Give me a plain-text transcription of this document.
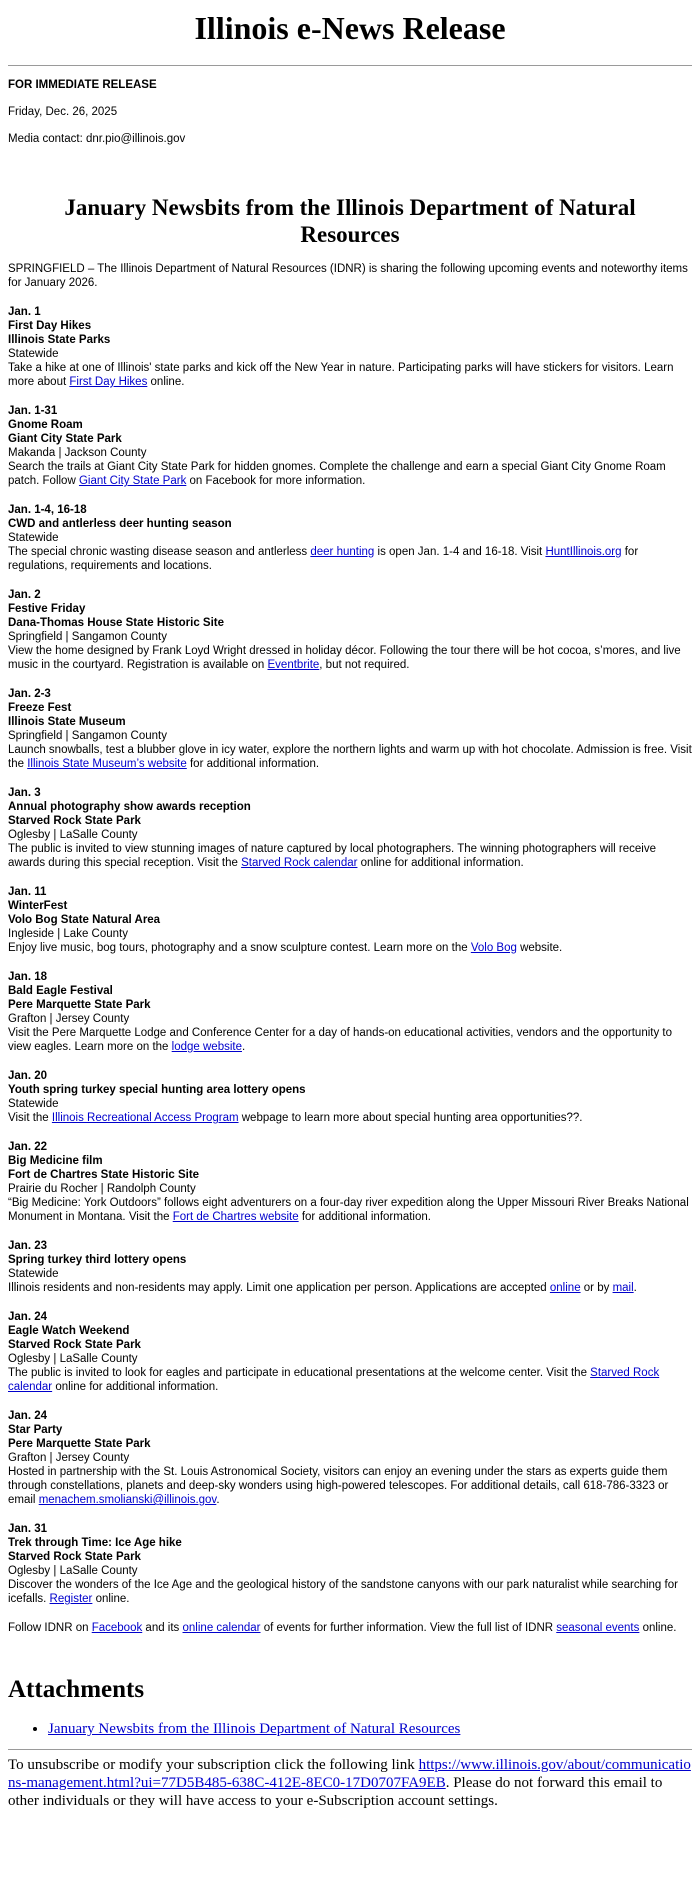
Illinois e-News Release

FOR IMMEDIATE RELEASE

Friday, Dec. 26, 2025

Media contact: dnr.pio@illinois.gov

January Newsbits from the Illinois Department of Natural Resources

SPRINGFIELD – The Illinois Department of Natural Resources (IDNR) is sharing the following upcoming events and noteworthy items for January 2026.

Jan. 1
First Day Hikes
Illinois State Parks
Statewide
Take a hike at one of Illinois' state parks and kick off the New Year in nature. Participating parks will have stickers for visitors. Learn more about First Day Hikes online.
Jan. 1-31
Gnome Roam
Giant City State Park
Makanda | Jackson County
Search the trails at Giant City State Park for hidden gnomes. Complete the challenge and earn a special Giant City Gnome Roam patch. Follow Giant City State Park on Facebook for more information.
Jan. 1-4, 16-18
CWD and antlerless deer hunting season
Statewide
The special chronic wasting disease season and antlerless deer hunting is open Jan. 1-4 and 16-18. Visit HuntIllinois.org for regulations, requirements and locations.
Jan. 2
Festive Friday
Dana-Thomas House State Historic Site
Springfield | Sangamon County
View the home designed by Frank Loyd Wright dressed in holiday décor. Following the tour there will be hot cocoa, s’mores, and live music in the courtyard. Registration is available on Eventbrite, but not required.
Jan. 2-3
Freeze Fest
Illinois State Museum
Springfield | Sangamon County
Launch snowballs, test a blubber glove in icy water, explore the northern lights and warm up with hot chocolate. Admission is free. Visit the Illinois State Museum’s website for additional information.
Jan. 3
Annual photography show awards reception
Starved Rock State Park
Oglesby | LaSalle County
The public is invited to view stunning images of nature captured by local photographers. The winning photographers will receive awards during this special reception. Visit the Starved Rock calendar online for additional information.
Jan. 11
WinterFest
Volo Bog State Natural Area
Ingleside | Lake County
Enjoy live music, bog tours, photography and a snow sculpture contest. Learn more on the Volo Bog website.
Jan. 18
Bald Eagle Festival
Pere Marquette State Park
Grafton | Jersey County
Visit the Pere Marquette Lodge and Conference Center for a day of hands-on educational activities, vendors and the opportunity to view eagles. Learn more on the lodge website.
Jan. 20
Youth spring turkey special hunting area lottery opens
Statewide
Visit the Illinois Recreational Access Program webpage to learn more about special hunting area opportunities??.
Jan. 22
Big Medicine film
Fort de Chartres State Historic Site
Prairie du Rocher | Randolph County
“Big Medicine: York Outdoors” follows eight adventurers on a four-day river expedition along the Upper Missouri River Breaks National Monument in Montana. Visit the Fort de Chartres website for additional information.
Jan. 23
Spring turkey third lottery opens
Statewide
Illinois residents and non-residents may apply. Limit one application per person. Applications are accepted online or by mail.
Jan. 24
Eagle Watch Weekend
Starved Rock State Park
Oglesby | LaSalle County
The public is invited to look for eagles and participate in educational presentations at the welcome center. Visit the Starved Rock calendar online for additional information.
Jan. 24
Star Party
Pere Marquette State Park
Grafton | Jersey County
Hosted in partnership with the St. Louis Astronomical Society, visitors can enjoy an evening under the stars as experts guide them through constellations, planets and deep-sky wonders using high-powered telescopes. For additional details, call 618-786-3323 or email menachem.smolianski@illinois.gov.
Jan. 31
Trek through Time: Ice Age hike
Starved Rock State Park
Oglesby | LaSalle County
Discover the wonders of the Ice Age and the geological history of the sandstone canyons with our park naturalist while searching for icefalls. Register online.

Follow IDNR on Facebook and its online calendar of events for further information. View the full list of IDNR seasonal events online.

Attachments
• January Newsbits from the Illinois Department of Natural Resources
To unsubscribe or modify your subscription click the following link https://www.illinois.gov/about/communications-management.html?ui=77D5B485-638C-412E-8EC0-17D0707FA9EB. Please do not forward this email to other individuals or they will have access to your e-Subscription account settings.
